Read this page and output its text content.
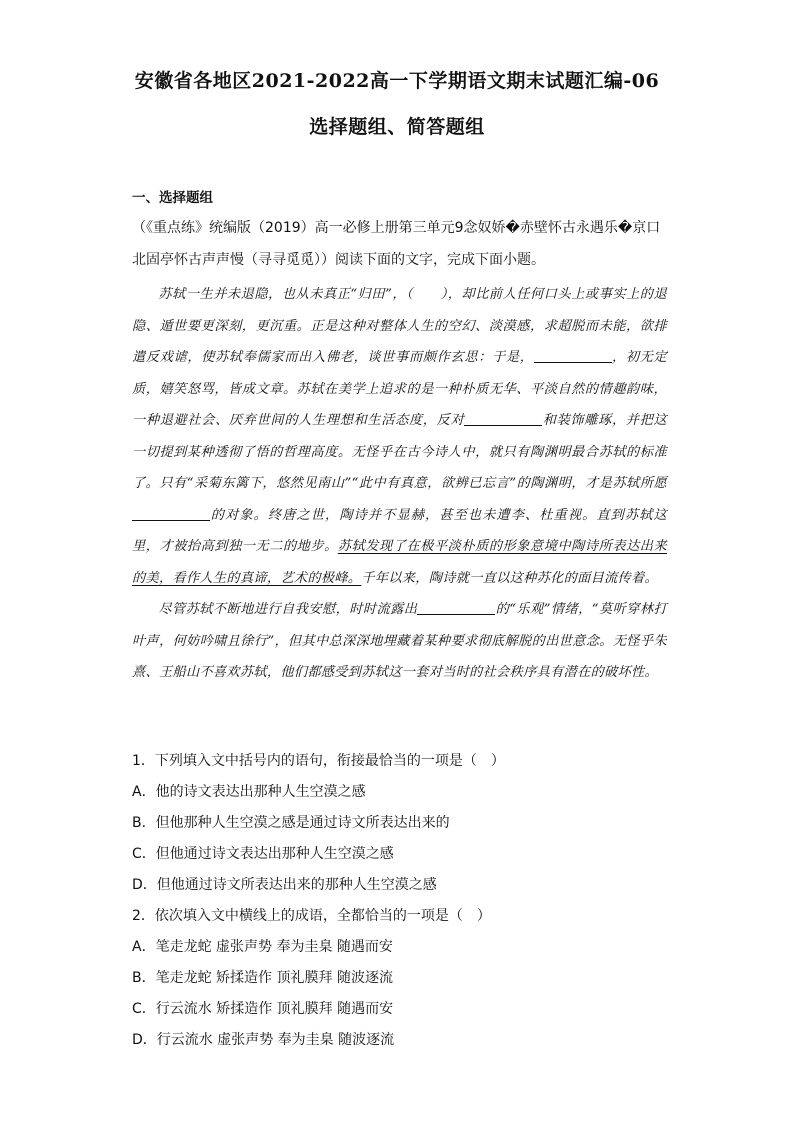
安徽省各地区2021-2022高一下学期语文期末试题汇编-06
选择题组、简答题组
一、选择题组
（《重点练》统编版（2019）高一必修上册第三单元9念奴娇�赤壁怀古永遇乐�京口
北固亭怀古声声慢（寻寻觅觅））阅读下面的文字，完成下面小题。

苏轼一生并未退隐，也从未真正“归田”，（　　），却比前人任何口头上或事实上的退隐、遁世要更深刻，更沉重。正是这种对整体人生的空幻、淡漠感，求超脱而未能，欲排遣反戏谑，使苏轼奉儒家而出入佛老，谈世事而颇作玄思：于是，	，初无定质，嬉笑怒骂，皆成文章。苏轼在美学上追求的是一种朴质无华、平淡自然的情趣韵味，一种退避社会、厌弃世间的人生理想和生活态度，反对	和装饰雕琢，并把这一切提到某种透彻了悟的哲理高度。无怪乎在古今诗人中，就只有陶渊明最合苏轼的标准了。只有“采菊东篱下，悠然见南山”“此中有真意，欲辨已忘言”的陶渊明，才是苏轼所愿的对象。终唐之世，陶诗并不显赫，甚至也未遭李、杜重视。直到苏轼这里，才被抬高到独一无二的地步。苏轼发现了在极平淡朴质的形象意境中陶诗所表达出来的美，看作人生的真谛，艺术的极峰。千年以来，陶诗就一直以这种苏化的面目流传着。

尽管苏轼不断地进行自我安慰，时时流露出	的“乐观”情绪，“莫听穿林打叶声，何妨吟啸且徐行”，但其中总深深地埋藏着某种要求彻底解脱的出世意念。无怪乎朱熹、王船山不喜欢苏轼，他们都感受到苏轼这一套对当时的社会秩序具有潜在的破坏性。

1．下列填入文中括号内的语句，衔接最恰当的一项是（　）
A．他的诗文表达出那种人生空漠之感
B．但他那种人生空漠之感是通过诗文所表达出来的
C．但他通过诗文表达出那种人生空漠之感
D．但他通过诗文所表达出来的那种人生空漠之感
2．依次填入文中横线上的成语，全都恰当的一项是（　）
A．笔走龙蛇 虚张声势 奉为圭臬 随遇而安
B．笔走龙蛇 矫揉造作 顶礼膜拜 随波逐流
C．行云流水 矫揉造作 顶礼膜拜 随遇而安
D．行云流水 虚张声势 奉为圭臬 随波逐流
